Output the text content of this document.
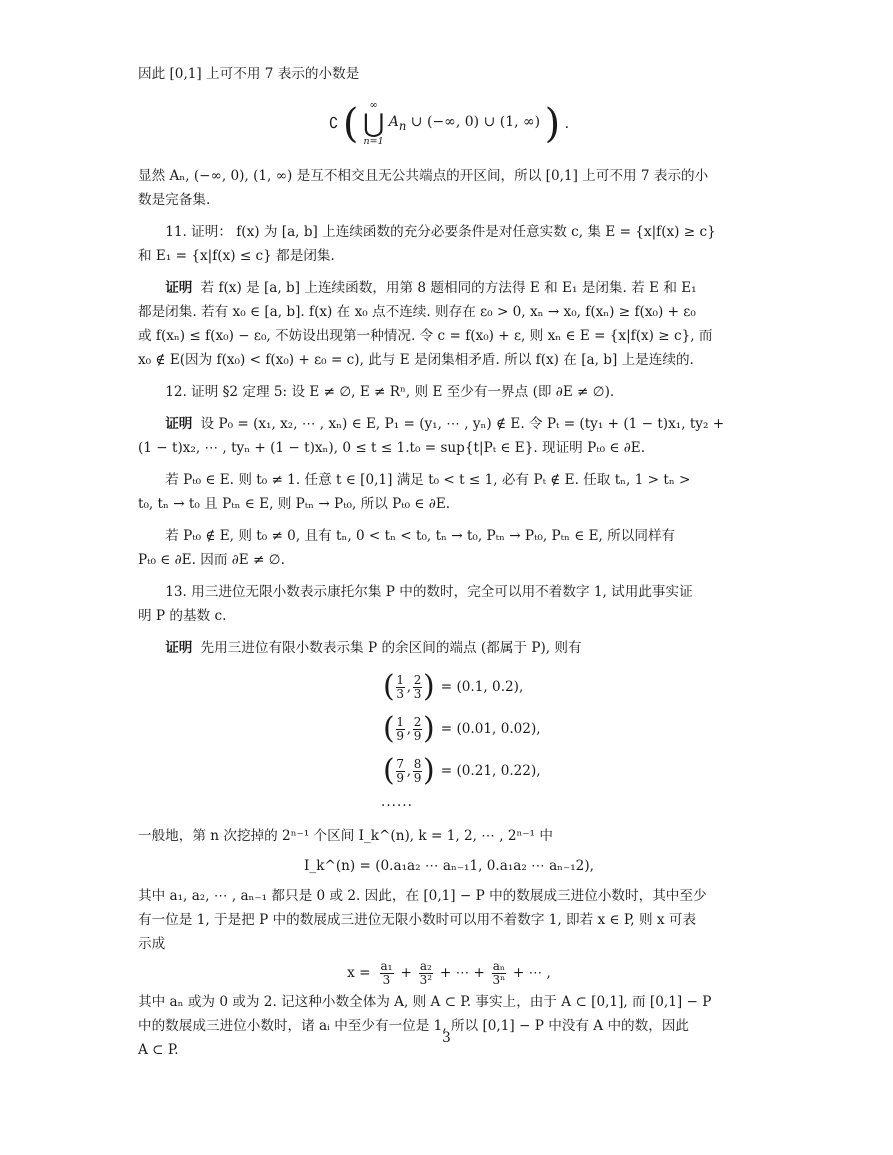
因此 [0,1] 上可不用 7 表示的小数是

∁ ( ∞
⋃
n=1
$A_n$ ∪ (−∞, 0) ∪ (1, ∞) ) .

显然 Aₙ, (−∞, 0), (1, ∞) 是互不相交且无公共端点的开区间，所以 [0,1] 上可不用 7 表示的小

数是完备集.

11. 证明： f(x) 为 [a, b] 上连续函数的充分必要条件是对任意实数 c, 集 E = {x|f(x) ≥ c}

和 E₁ = {x|f(x) ≤ c} 都是闭集.

证明 若 f(x) 是 [a, b] 上连续函数，用第 8 题相同的方法得 E 和 E₁ 是闭集. 若 E 和 E₁

都是闭集. 若有 x₀ ∈ [a, b]. f(x) 在 x₀ 点不连续. 则存在 ε₀ > 0, xₙ → x₀, f(xₙ) ≥ f(x₀) + ε₀

或 f(xₙ) ≤ f(x₀) − ε₀, 不妨设出现第一种情况. 令 c = f(x₀) + ε, 则 xₙ ∈ E = {x|f(x) ≥ c}, 而

x₀ ∉ E(因为 f(x₀) < f(x₀) + ε₀ = c), 此与 E 是闭集相矛盾. 所以 f(x) 在 [a, b] 上是连续的.

12. 证明 §2 定理 5: 设 E ≠ ∅, E ≠ Rⁿ, 则 E 至少有一界点 (即 ∂E ≠ ∅).

证明 设 P₀ = (x₁, x₂, ⋯ , xₙ) ∈ E, P₁ = (y₁, ⋯ , yₙ) ∉ E. 令 Pₜ = (ty₁ + (1 − t)x₁, ty₂ +

(1 − t)x₂, ⋯ , tyₙ + (1 − t)xₙ), 0 ≤ t ≤ 1.t₀ = sup{t|Pₜ ∈ E}. 现证明 Pₜ₀ ∈ ∂E.

若 Pₜ₀ ∈ E. 则 t₀ ≠ 1. 任意 t ∈ [0,1] 满足 t₀ < t ≤ 1, 必有 Pₜ ∉ E. 任取 tₙ, 1 > tₙ >

t₀, tₙ → t₀ 且 Pₜₙ ∈ E, 则 Pₜₙ → Pₜ₀, 所以 Pₜ₀ ∈ ∂E.

若 Pₜ₀ ∉ E, 则 t₀ ≠ 0, 且有 tₙ, 0 < tₙ < t₀, tₙ → t₀, Pₜₙ → Pₜ₀, Pₜₙ ∈ E, 所以同样有

Pₜ₀ ∈ ∂E. 因而 ∂E ≠ ∅.

13. 用三进位无限小数表示康托尔集 P 中的数时，完全可以用不着数字 1, 试用此事实证

明 P 的基数 c.

证明 先用三进位有限小数表示集 P 的余区间的端点 (都属于 P), 则有

( 1
3 , 2
3 ) = (0.1, 0.2),
( 1
9 , 2
9 ) = (0.01, 0.02),
( 7
9 , 8
9 ) = (0.21, 0.22),

······

一般地，第 n 次挖掉的 2ⁿ⁻¹ 个区间 I_k^(n), k = 1, 2, ⋯ , 2ⁿ⁻¹ 中

I_k^(n) = (0.a₁a₂ ⋯ aₙ₋₁1, 0.a₁a₂ ⋯ aₙ₋₁2),

其中 a₁, a₂, ⋯ , aₙ₋₁ 都只是 0 或 2. 因此，在 [0,1] − P 中的数展成三进位小数时，其中至少

有一位是 1, 于是把 P 中的数展成三进位无限小数时可以用不着数字 1, 即若 x ∈ P, 则 x 可表

示成

x = a₁
3 + a₂
3² + ⋯ + aₙ
3ⁿ + ⋯ ,

其中 aₙ 或为 0 或为 2. 记这种小数全体为 A, 则 A ⊂ P. 事实上，由于 A ⊂ [0,1], 而 [0,1] − P

中的数展成三进位小数时，诸 aᵢ 中至少有一位是 1, 所以 [0,1] − P 中没有 A 中的数，因此

A ⊂ P.

3
